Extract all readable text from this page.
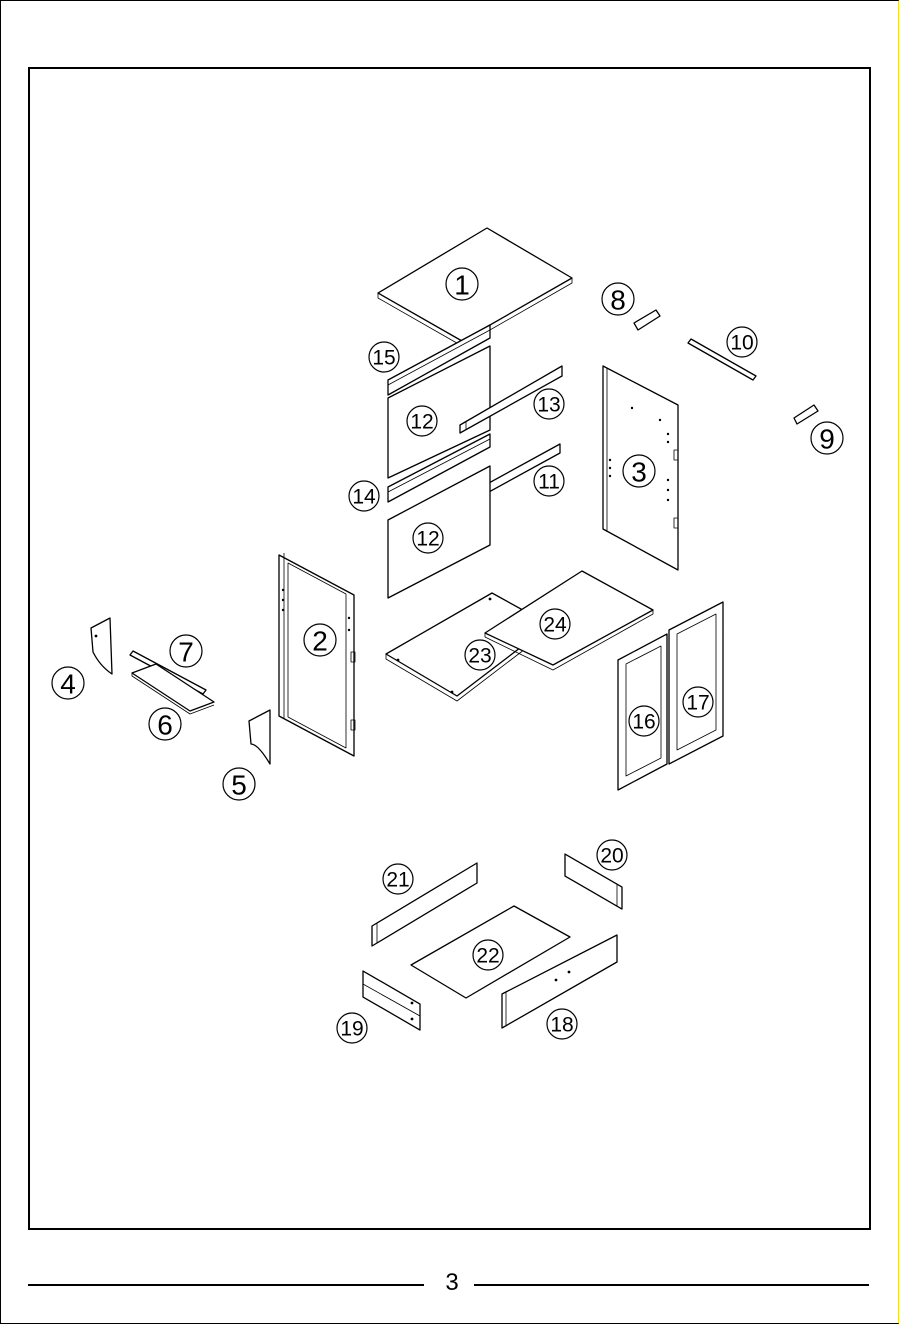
1
2
3
4
5
6
7
8
9
10
11
12
12
13
14
15
16
17
18
19
20
21
22
23
24
3
